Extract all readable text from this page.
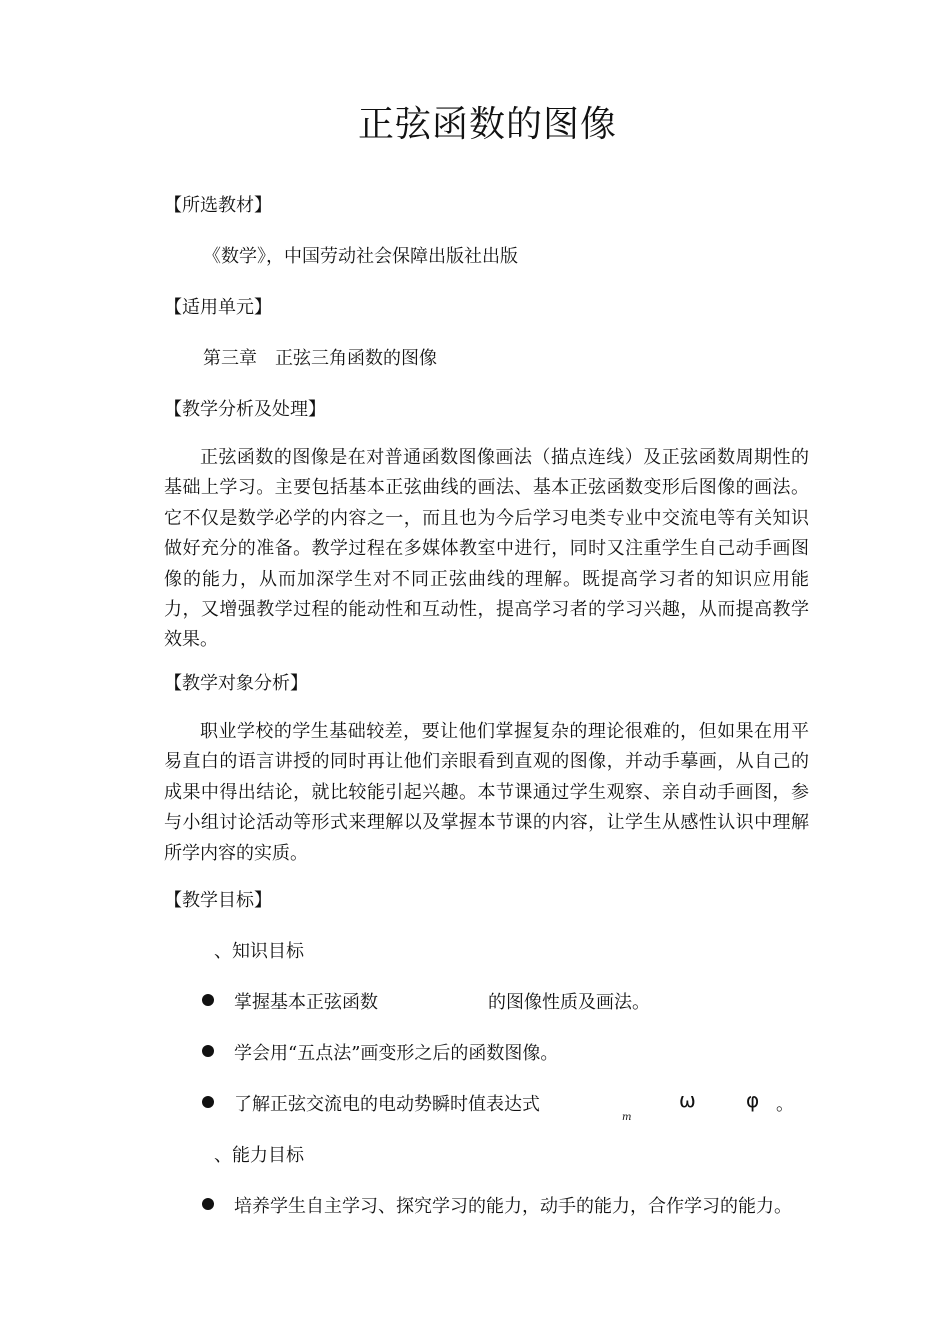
正弦函数的图像
【所选教材】

《数学》，中国劳动社会保障出版社出版

【适用单元】

第三章　正弦三角函数的图像

【教学分析及处理】

正弦函数的图像是在对普通函数图像画法（描点连线）及正弦函数周期性的基础上学习。主要包括基本正弦曲线的画法、基本正弦函数变形后图像的画法。它不仅是数学必学的内容之一，而且也为今后学习电类专业中交流电等有关知识做好充分的准备。教学过程在多媒体教室中进行，同时又注重学生自己动手画图像的能力，从而加深学生对不同正弦曲线的理解。既提高学习者的知识应用能力，又增强教学过程的能动性和互动性，提高学习者的学习兴趣，从而提高教学效果。

【教学对象分析】

职业学校的学生基础较差，要让他们掌握复杂的理论很难的，但如果在用平易直白的语言讲授的同时再让他们亲眼看到直观的图像，并动手摹画，从自己的成果中得出结论，就比较能引起兴趣。本节课通过学生观察、亲自动手画图，参与小组讨论活动等形式来理解以及掌握本节课的内容，让学生从感性认识中理解所学内容的实质。

【教学目标】

、知识目标

掌握基本正弦函数	的图像性质及画法。

学会用“五点法”画变形之后的函数图像。

了解正弦交流电的电动势瞬时值表达式

m
ω	φ 。

、能力目标

培养学生自主学习、探究学习的能力，动手的能力，合作学习的能力。
